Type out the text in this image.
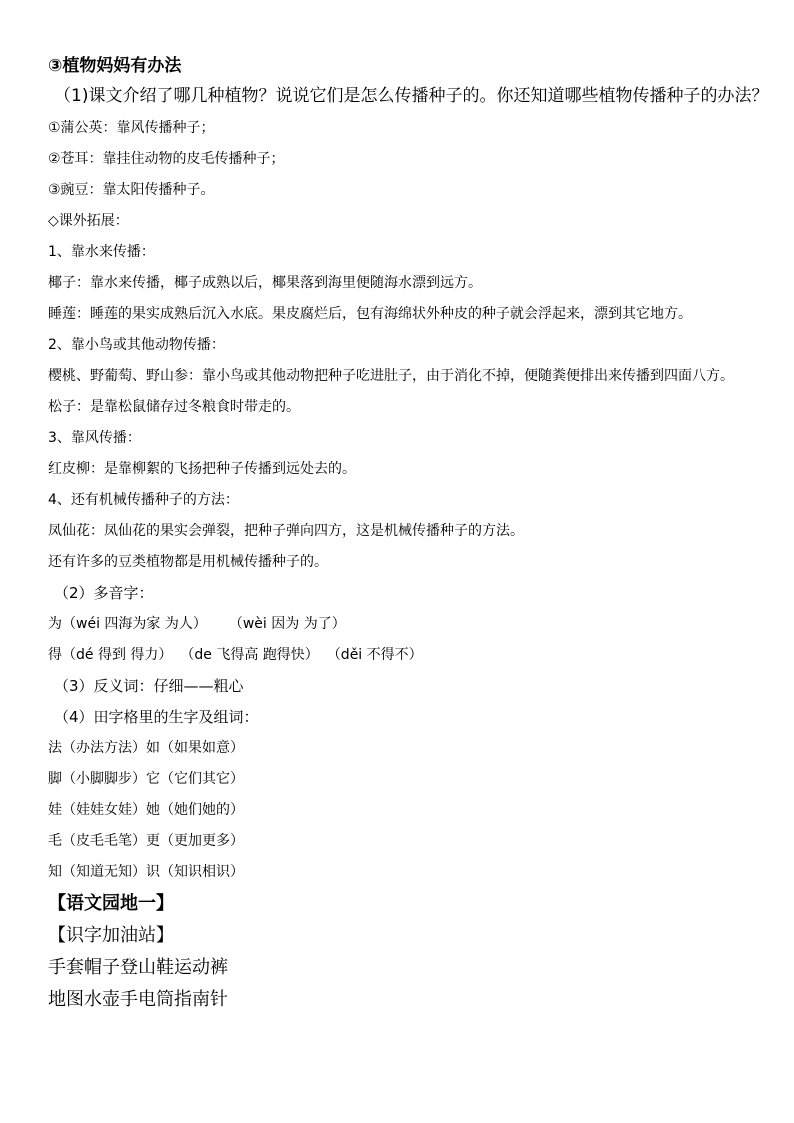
③植物妈妈有办法

（1)课文介绍了哪几种植物？说说它们是怎么传播种子的。你还知道哪些植物传播种子的办法？

①蒲公英：靠风传播种子；

②苍耳：靠挂住动物的皮毛传播种子；

③豌豆：靠太阳传播种子。

◇课外拓展：

1、靠水来传播：

椰子：靠水来传播，椰子成熟以后，椰果落到海里便随海水漂到远方。

睡莲：睡莲的果实成熟后沉入水底。果皮腐烂后，包有海绵状外种皮的种子就会浮起来，漂到其它地方。

2、靠小鸟或其他动物传播：

樱桃、野葡萄、野山参：靠小鸟或其他动物把种子吃进肚子，由于消化不掉，便随粪便排出来传播到四面八方。

松子：是靠松鼠储存过冬粮食时带走的。

3、靠风传播：

红皮柳：是靠柳絮的飞扬把种子传播到远处去的。

4、还有机械传播种子的方法：

凤仙花：凤仙花的果实会弹裂，把种子弹向四方，这是机械传播种子的方法。

还有许多的豆类植物都是用机械传播种子的。

（2）多音字：

为（wéi 四海为家 为人） （wèi 因为 为了）

得（dé 得到 得力） （de 飞得高 跑得快） （děi 不得不）

（3）反义词：仔细——粗心

（4）田字格里的生字及组词：

法（办法方法）如（如果如意）

脚（小脚脚步）它（它们其它）

娃（娃娃女娃）她（她们她的）

毛（皮毛毛笔）更（更加更多）

知（知道无知）识（知识相识）

【语文园地一】

【识字加油站】

手套帽子登山鞋运动裤

地图水壶手电筒指南针
